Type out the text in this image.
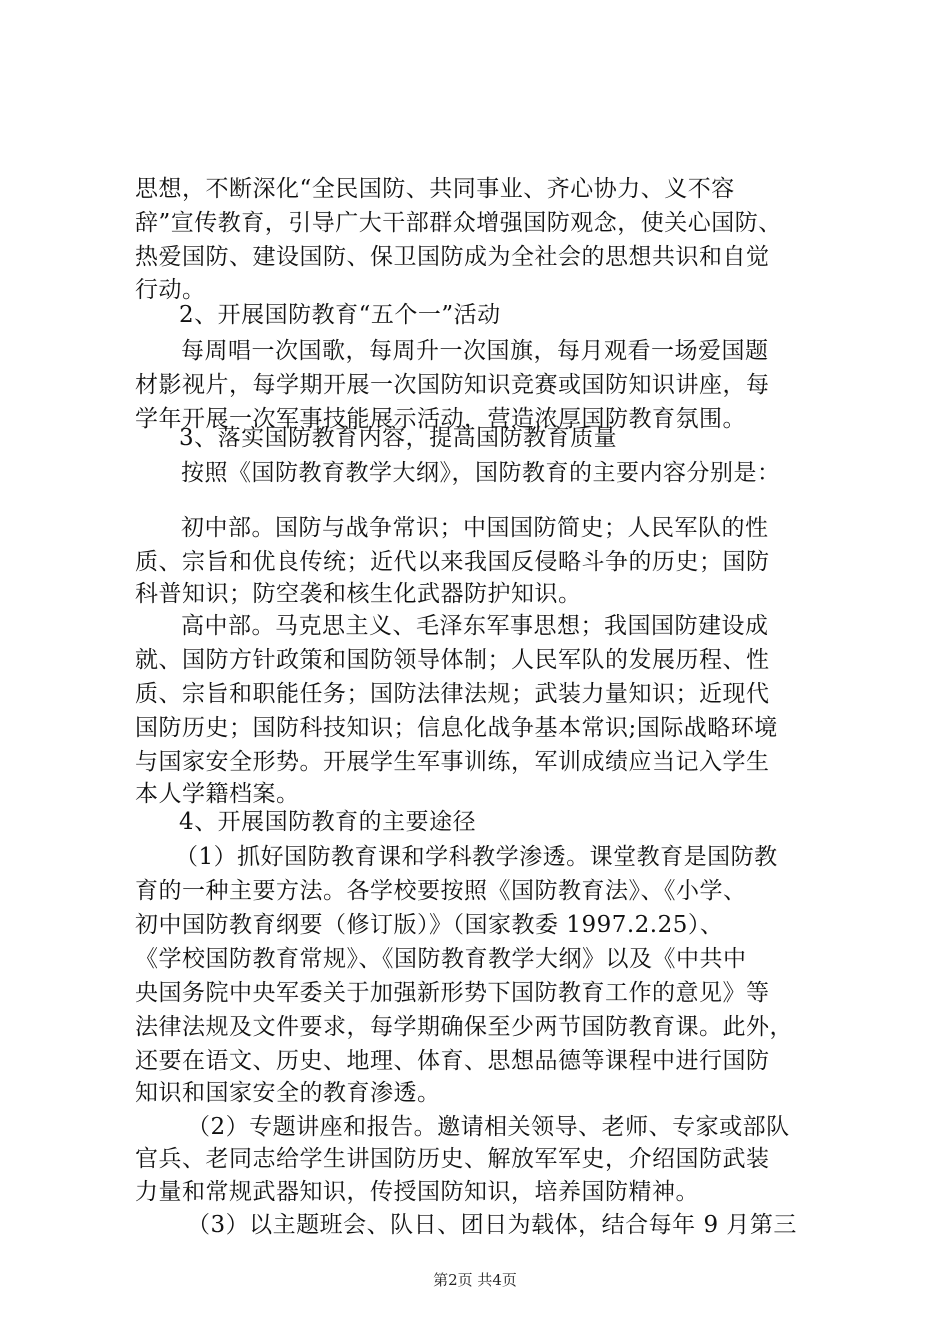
思想，不断深化“全民国防、共同事业、齐心协力、义不容
辞”宣传教育，引导广大干部群众增强国防观念，使关心国防、
热爱国防、建设国防、保卫国防成为全社会的思想共识和自觉
行动。
2、开展国防教育“五个一”活动
每周唱一次国歌，每周升一次国旗，每月观看一场爱国题
材影视片，每学期开展一次国防知识竞赛或国防知识讲座，每
学年开展一次军事技能展示活动，营造浓厚国防教育氛围。
3、落实国防教育内容，提高国防教育质量
按照《国防教育教学大纲》，国防教育的主要内容分别是：
初中部。国防与战争常识；中国国防简史；人民军队的性
质、宗旨和优良传统；近代以来我国反侵略斗争的历史；国防
科普知识；防空袭和核生化武器防护知识。
高中部。马克思主义、毛泽东军事思想；我国国防建设成
就、国防方针政策和国防领导体制；人民军队的发展历程、性
质、宗旨和职能任务；国防法律法规；武装力量知识；近现代
国防历史；国防科技知识；信息化战争基本常识;国际战略环境
与国家安全形势。开展学生军事训练，军训成绩应当记入学生
本人学籍档案。
4、开展国防教育的主要途径
（1）抓好国防教育课和学科教学渗透。课堂教育是国防教
育的一种主要方法。各学校要按照《国防教育法》、《小学、
初中国防教育纲要（修订版）》（国家教委 1997.2.25）、
《学校国防教育常规》、《国防教育教学大纲》以及《中共中
央国务院中央军委关于加强新形势下国防教育工作的意见》等
法律法规及文件要求，每学期确保至少两节国防教育课。此外，
还要在语文、历史、地理、体育、思想品德等课程中进行国防
知识和国家安全的教育渗透。
（2）专题讲座和报告。邀请相关领导、老师、专家或部队
官兵、老同志给学生讲国防历史、解放军军史，介绍国防武装
力量和常规武器知识，传授国防知识，培养国防精神。
（3）以主题班会、队日、团日为载体，结合每年 9 月第三
第2页 共4页
